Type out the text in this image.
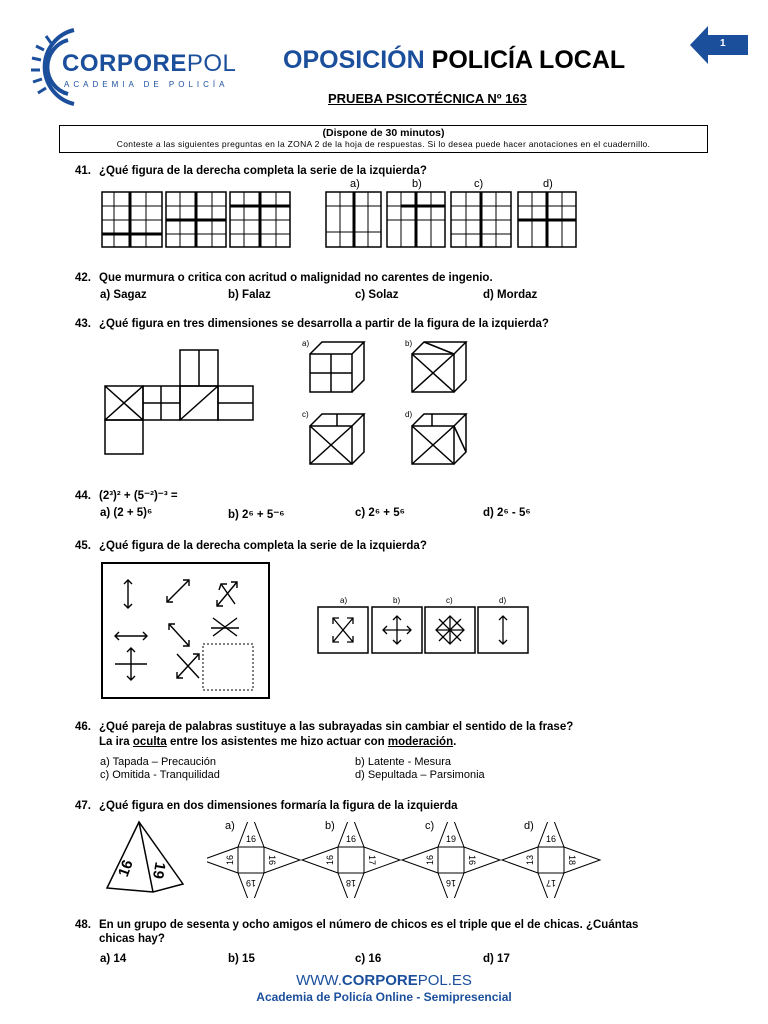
CORPOREPOL
ACADEMIA DE POLICÍA
OPOSICIÓN POLICÍA LOCAL
PRUEBA PSICOTÉCNICA Nº 163
1
(Dispone de 30 minutos)
Conteste a las siguientes preguntas en la ZONA 2 de la hoja de respuestas. Si lo desea puede hacer anotaciones en el cuadernillo.
41. ¿Qué figura de la derecha completa la serie de la izquierda?
a)	b)	c)	d)
42. Que murmura o critica con acritud o malignidad no carentes de ingenio.
a) Sagaz	b) Falaz	c) Solaz	d) Mordaz
43. ¿Qué figura en tres dimensiones se desarrolla a partir de la figura de la izquierda?
a)	b)
c)	d)
44. (2³)² + (5⁻²)⁻³ =
a) (2 + 5)⁶	b) 2⁶ + 5⁻⁶	c) 2⁶ + 5⁶	d) 2⁶ - 5⁶
45. ¿Qué figura de la derecha completa la serie de la izquierda?
a)	b)	c)	d)
46. ¿Qué pareja de palabras sustituye a las subrayadas sin cambiar el sentido de la frase?
La ira oculta entre los asistentes me hizo actuar con moderación.
a) Tapada – Precaución	b) Latente - Mesura
c) Omitida - Tranquilidad	d) Sepultada – Parsimonia
47. ¿Qué figura en dos dimensiones formaría la figura de la izquierda
16 19
a)	b)	c)	d)
16
16	16
19
16
16	17
18
19
16	16
16
16
13	18
17
48. En un grupo de sesenta y ocho amigos el número de chicos es el triple que el de chicas. ¿Cuántas chicas hay?
a) 14	b) 15	c) 16	d) 17
WWW.CORPOREPOL.ES
Academia de Policía Online - Semipresencial
